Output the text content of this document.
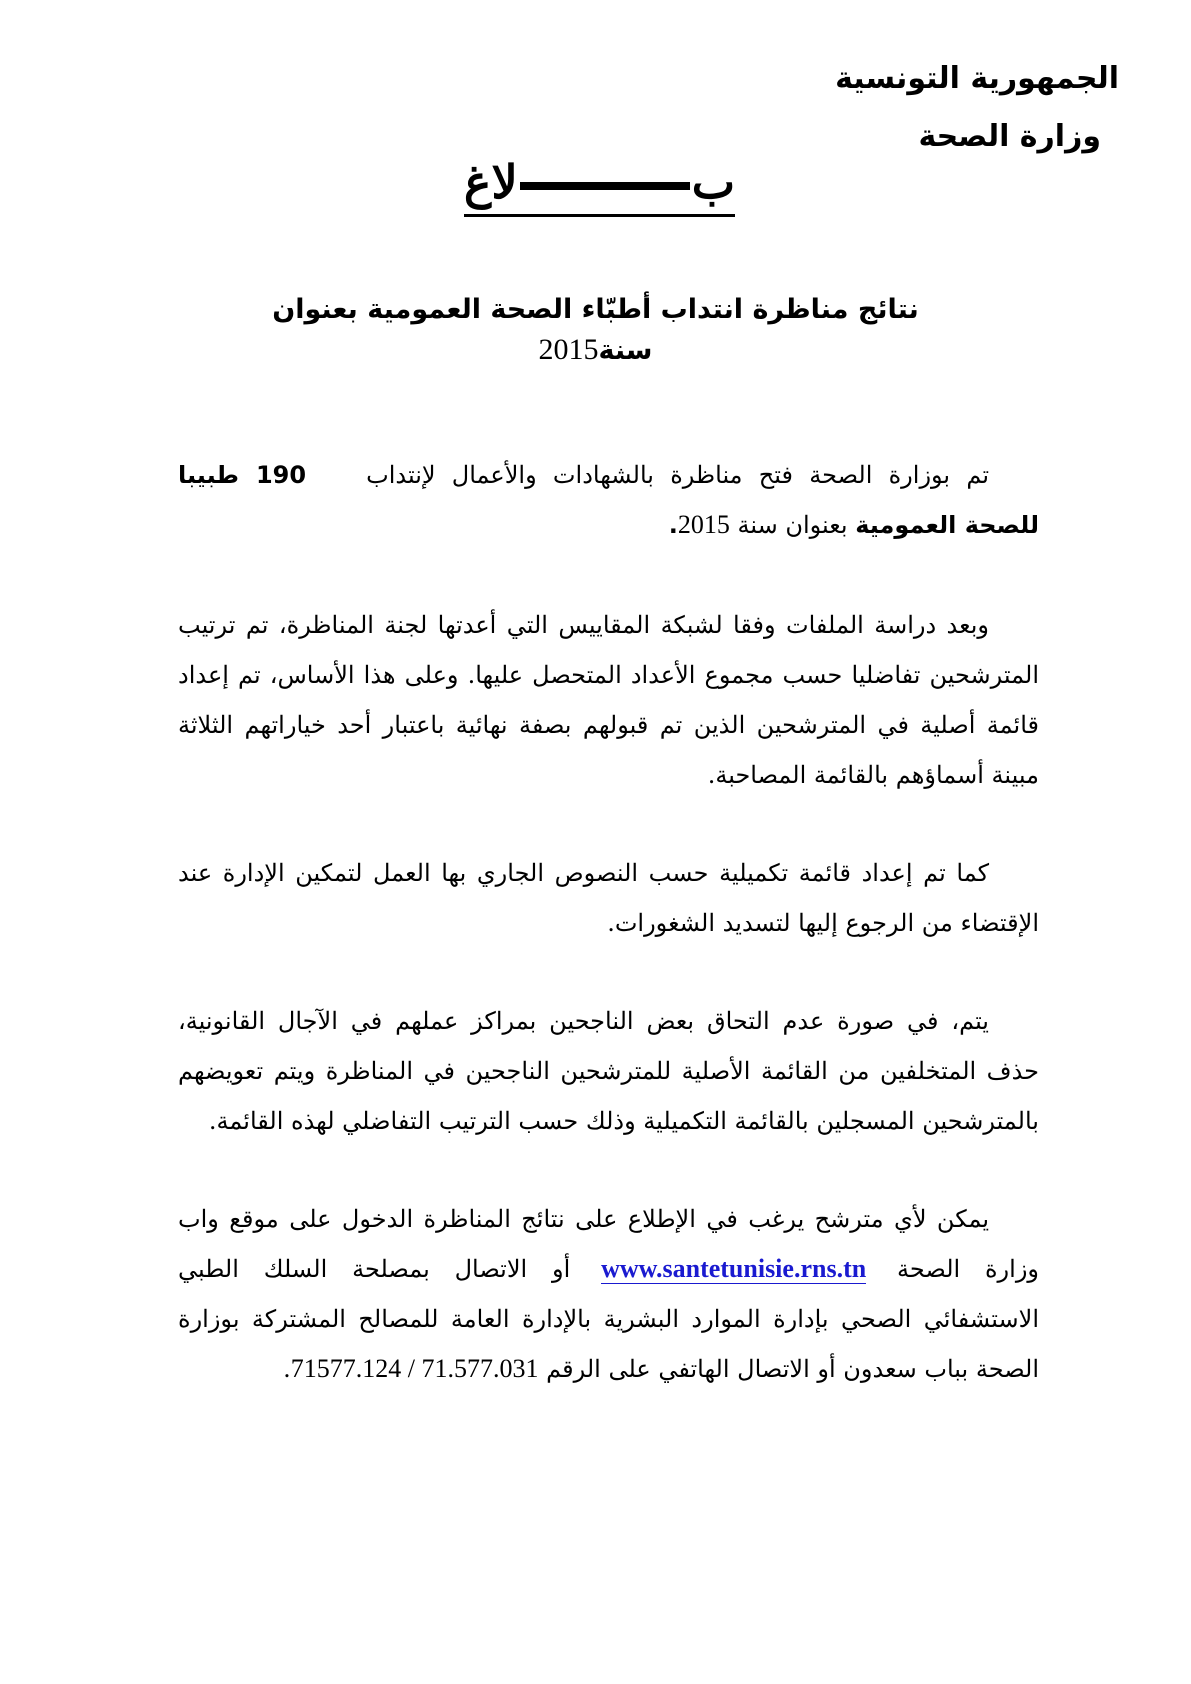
الجمهورية التونسية
وزارة الصحة
بلاغ
نتائج مناظرة انتداب أطبّاء الصحة العمومية بعنوان سنة2015

تم بوزارة الصحة فتح مناظرة بالشهادات والأعمال لإنتداب190 طبيبا للصحة العمومية بعنوان سنة 2015.

وبعد دراسة الملفات وفقا لشبكة المقاييس التي أعدتها لجنة المناظرة، تم ترتيب المترشحين تفاضليا حسب مجموع الأعداد المتحصل عليها. وعلى هذا الأساس، تم إعداد قائمة أصلية في المترشحين الذين تم قبولهم بصفة نهائية باعتبار أحد خياراتهم الثلاثة مبينة أسماؤهم بالقائمة المصاحبة.

كما تم إعداد قائمة تكميلية حسب النصوص الجاري بها العمل لتمكين الإدارة عند الإقتضاء من الرجوع إليها لتسديد الشغورات.

يتم، في صورة عدم التحاق بعض الناجحين بمراكز عملهم في الآجال القانونية، حذف المتخلفين من القائمة الأصلية للمترشحين الناجحين في المناظرة ويتم تعويضهم بالمترشحين المسجلين بالقائمة التكميلية وذلك حسب الترتيب التفاضلي لهذه القائمة.

يمكن لأي مترشح يرغب في الإطلاع على نتائج المناظرة الدخول على موقع واب وزارة الصحة www.santetunisie.rns.tn أو الاتصال بمصلحة السلك الطبي الاستشفائي الصحي بإدارة الموارد البشرية بالإدارة العامة للمصالح المشتركة بوزارة الصحة بباب سعدون أو الاتصال الهاتفي على الرقم 71577.124 / 71.577.031.
